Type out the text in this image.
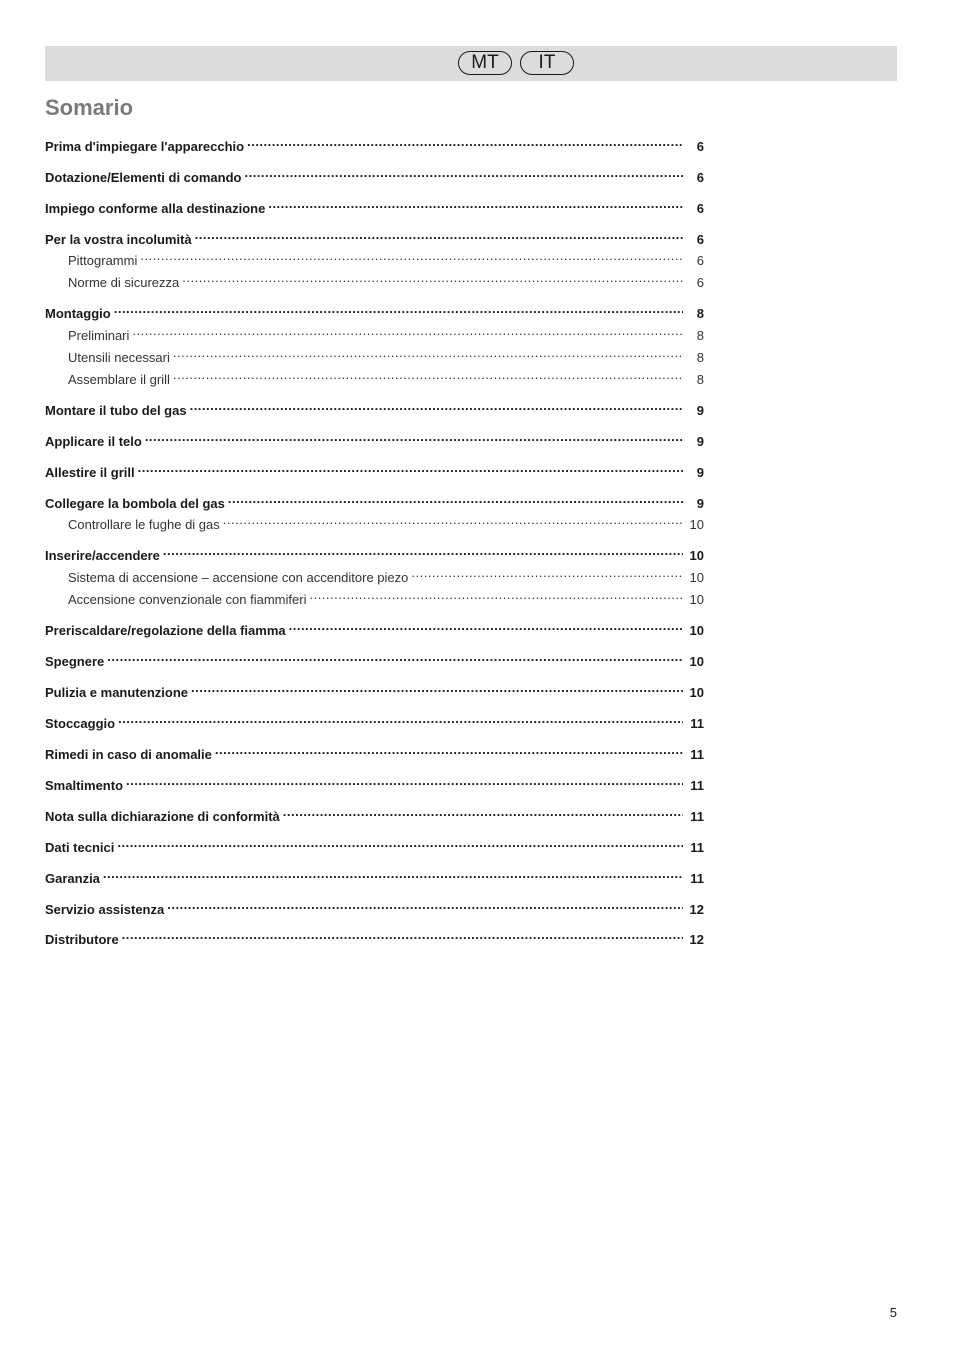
MT	IT
Somario
Prima d'impiegare l'apparecchio .....	6
Dotazione/Elementi di comando .....	6
Impiego conforme alla destinazione .....	6
Per la vostra incolumità .....	6
Pittogrammi .....	6
Norme di sicurezza .....	6
Montaggio .....	8
Preliminari .....	8
Utensili necessari .....	8
Assemblare il grill .....	8
Montare il tubo del gas .....	9
Applicare il telo .....	9
Allestire il grill .....	9
Collegare la bombola del gas .....	9
Controllare le fughe di gas .....	10
Inserire/accendere .....	10
Sistema di accensione – accensione con accenditore piezo .....	10
Accensione convenzionale con fiammiferi .....	10
Preriscaldare/regolazione della fiamma .....	10
Spegnere .....	10
Pulizia e manutenzione .....	10
Stoccaggio .....	11
Rimedi in caso di anomalie .....	11
Smaltimento .....	11
Nota sulla dichiarazione di conformità .....	11
Dati tecnici .....	11
Garanzia .....	11
Servizio assistenza .....	12
Distributore .....	12
5
